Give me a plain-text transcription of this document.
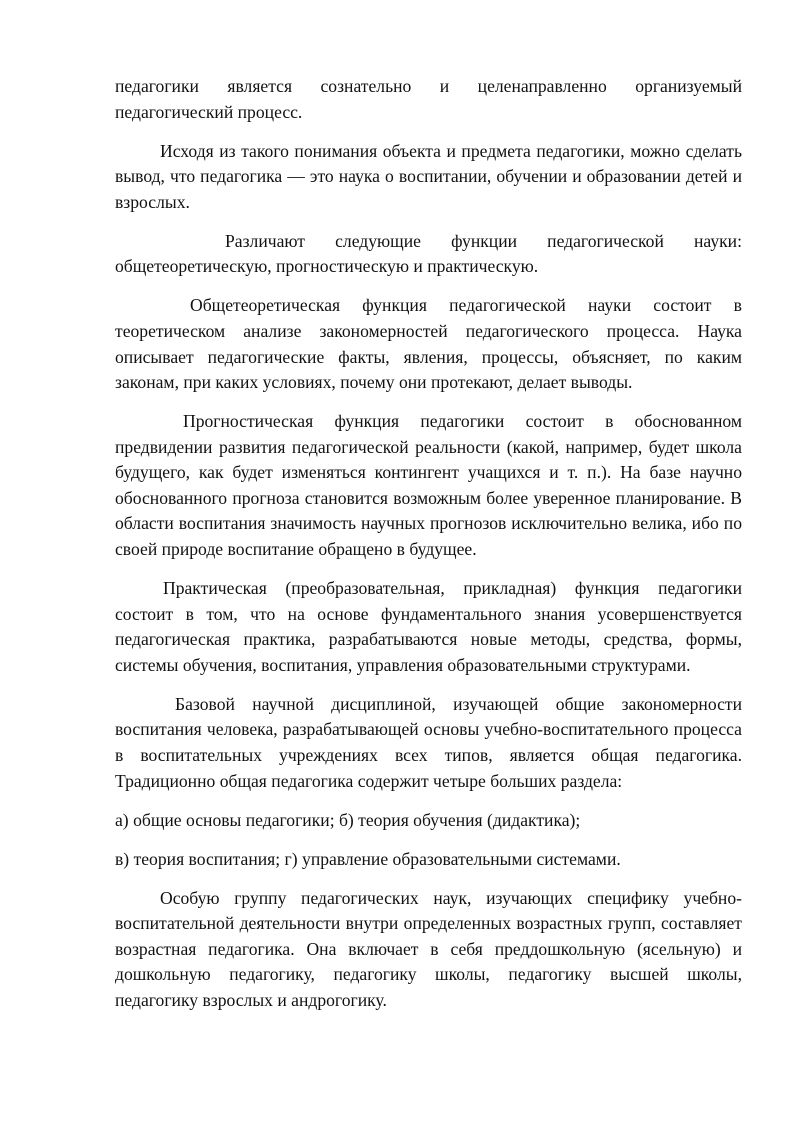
педагогики является сознательно и целенаправленно организуемый педагогический процесс.

Исходя из такого понимания объекта и предмета педагогики, можно сделать вывод, что педагогика — это наука о воспитании, обучении и образовании детей и взрослых.

Различают следующие функции педагогической науки: общетеоретическую, прогностическую и практическую.

Общетеоретическая функция педагогической науки состоит в теоретическом анализе закономерностей педагогического процесса. Наука описывает педагогические факты, явления, процессы, объясняет, по каким законам, при каких условиях, почему они протекают, делает выводы.

Прогностическая функция педагогики состоит в обоснованном предвидении развития педагогической реальности (какой, например, будет школа будущего, как будет изменяться контингент учащихся и т. п.). На базе научно обоснованного прогноза становится возможным более уверенное планирование. В области воспитания значимость научных прогнозов исключительно велика, ибо по своей природе воспитание обращено в будущее.

Практическая (преобразовательная, прикладная) функция педагогики состоит в том, что на основе фундаментального знания усовершенствуется педагогическая практика, разрабатываются новые методы, средства, формы, системы обучения, воспитания, управления образовательными структурами.

Базовой научной дисциплиной, изучающей общие закономерности воспитания человека, разрабатывающей основы учебно-воспитательного процесса в воспитательных учреждениях всех типов, является общая педагогика. Традиционно общая педагогика содержит четыре больших раздела:

а) общие основы педагогики; б) теория обучения (дидактика);

в) теория воспитания; г) управление образовательными системами.

Особую группу педагогических наук, изучающих специфику учебно-воспитательной деятельности внутри определенных возрастных групп, составляет возрастная педагогика. Она включает в себя преддошкольную (ясельную) и дошкольную педагогику, педагогику школы, педагогику высшей школы, педагогику взрослых и андрогогику.
